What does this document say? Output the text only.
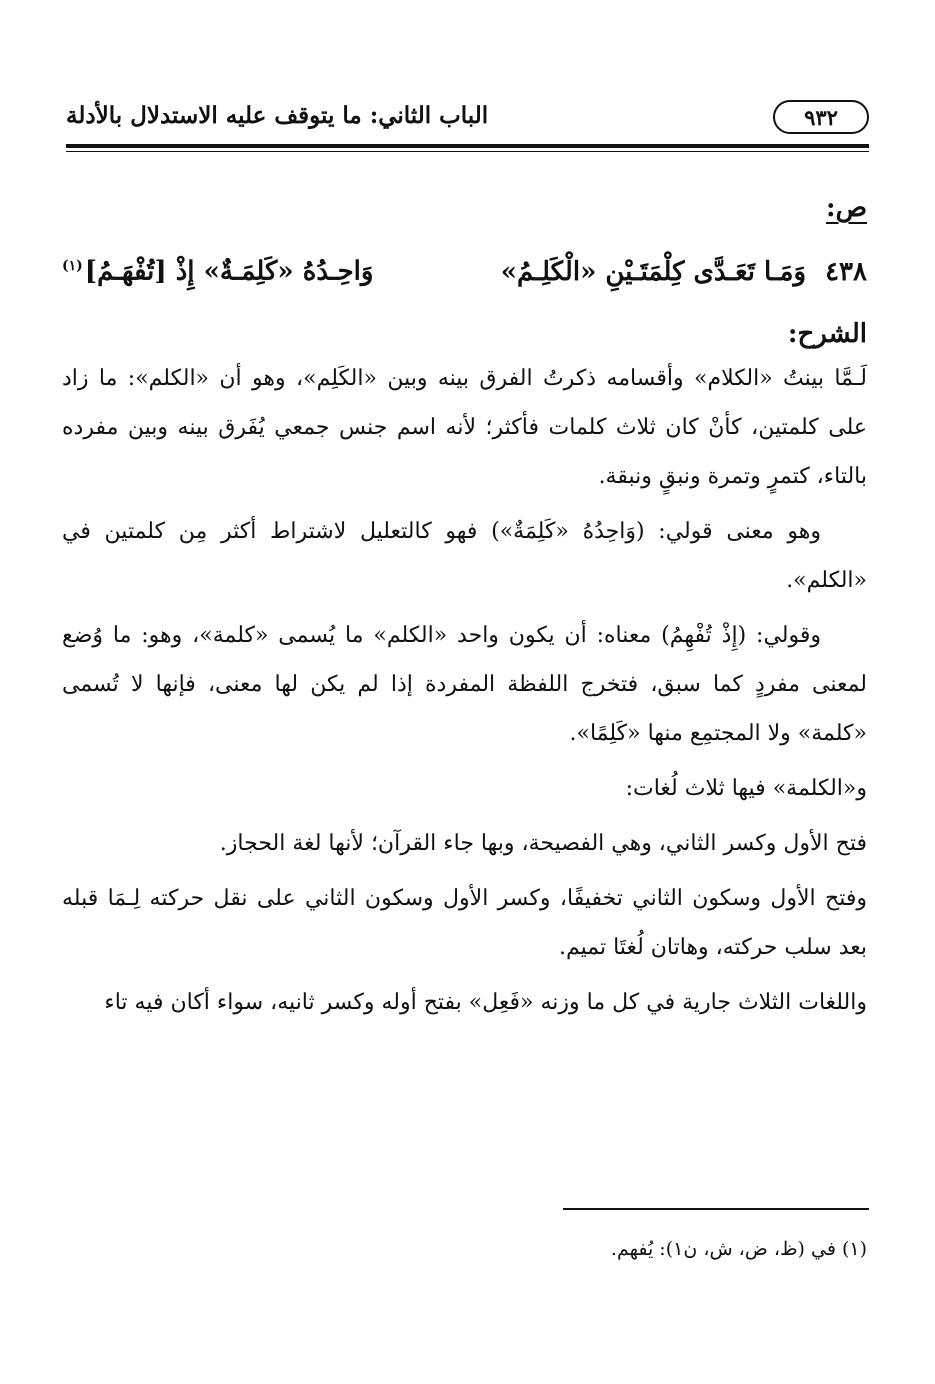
٩٣٢
الباب الثاني: ما يتوقف عليه الاستدلال بالأدلة

ص:

٤٣٨ وَمَـا تَعَـدَّى كِلْمَتَـيْنِ «الْكَلِـمُ»
وَاحِـدُهُ «كَلِمَـةٌ» إِذْ [تُفْهَـمُ]$^{(١)}$

الشرح:

لَـمَّا بينتُ «الكلام» وأقسامه ذكرتُ الفرق بينه وبين «الكَلِم»، وهو أن «الكلم»: ما زاد على كلمتين، كأنْ كان ثلاث كلمات فأكثر؛ لأنه اسم جنس جمعي يُفَرق بينه وبين مفرده بالتاء، كتمرٍ وتمرة ونبقٍ ونبقة.

وهو معنى قولي: (وَاحِدُهُ «كَلِمَةٌ») فهو كالتعليل لاشتراط أكثر مِن كلمتين في «الكلم».

وقولي: (إِذْ تُفْهِمُ) معناه: أن يكون واحد «الكلم» ما يُسمى «كلمة»، وهو: ما وُضع لمعنى مفردٍ كما سبق، فتخرج اللفظة المفردة إذا لم يكن لها معنى، فإنها لا تُسمى «كلمة» ولا المجتمِع منها «كَلِمًا».

و«الكلمة» فيها ثلاث لُغات:

فتح الأول وكسر الثاني، وهي الفصيحة، وبها جاء القرآن؛ لأنها لغة الحجاز.

وفتح الأول وسكون الثاني تخفيفًا، وكسر الأول وسكون الثاني على نقل حركته لِـمَا قبله بعد سلب حركته، وهاتان لُغتَا تميم.

واللغات الثلاث جارية في كل ما وزنه «فَعِل» بفتح أوله وكسر ثانيه، سواء أكان فيه تاء

(١) في (ظ، ض، ش، ن١): يُفهم.
